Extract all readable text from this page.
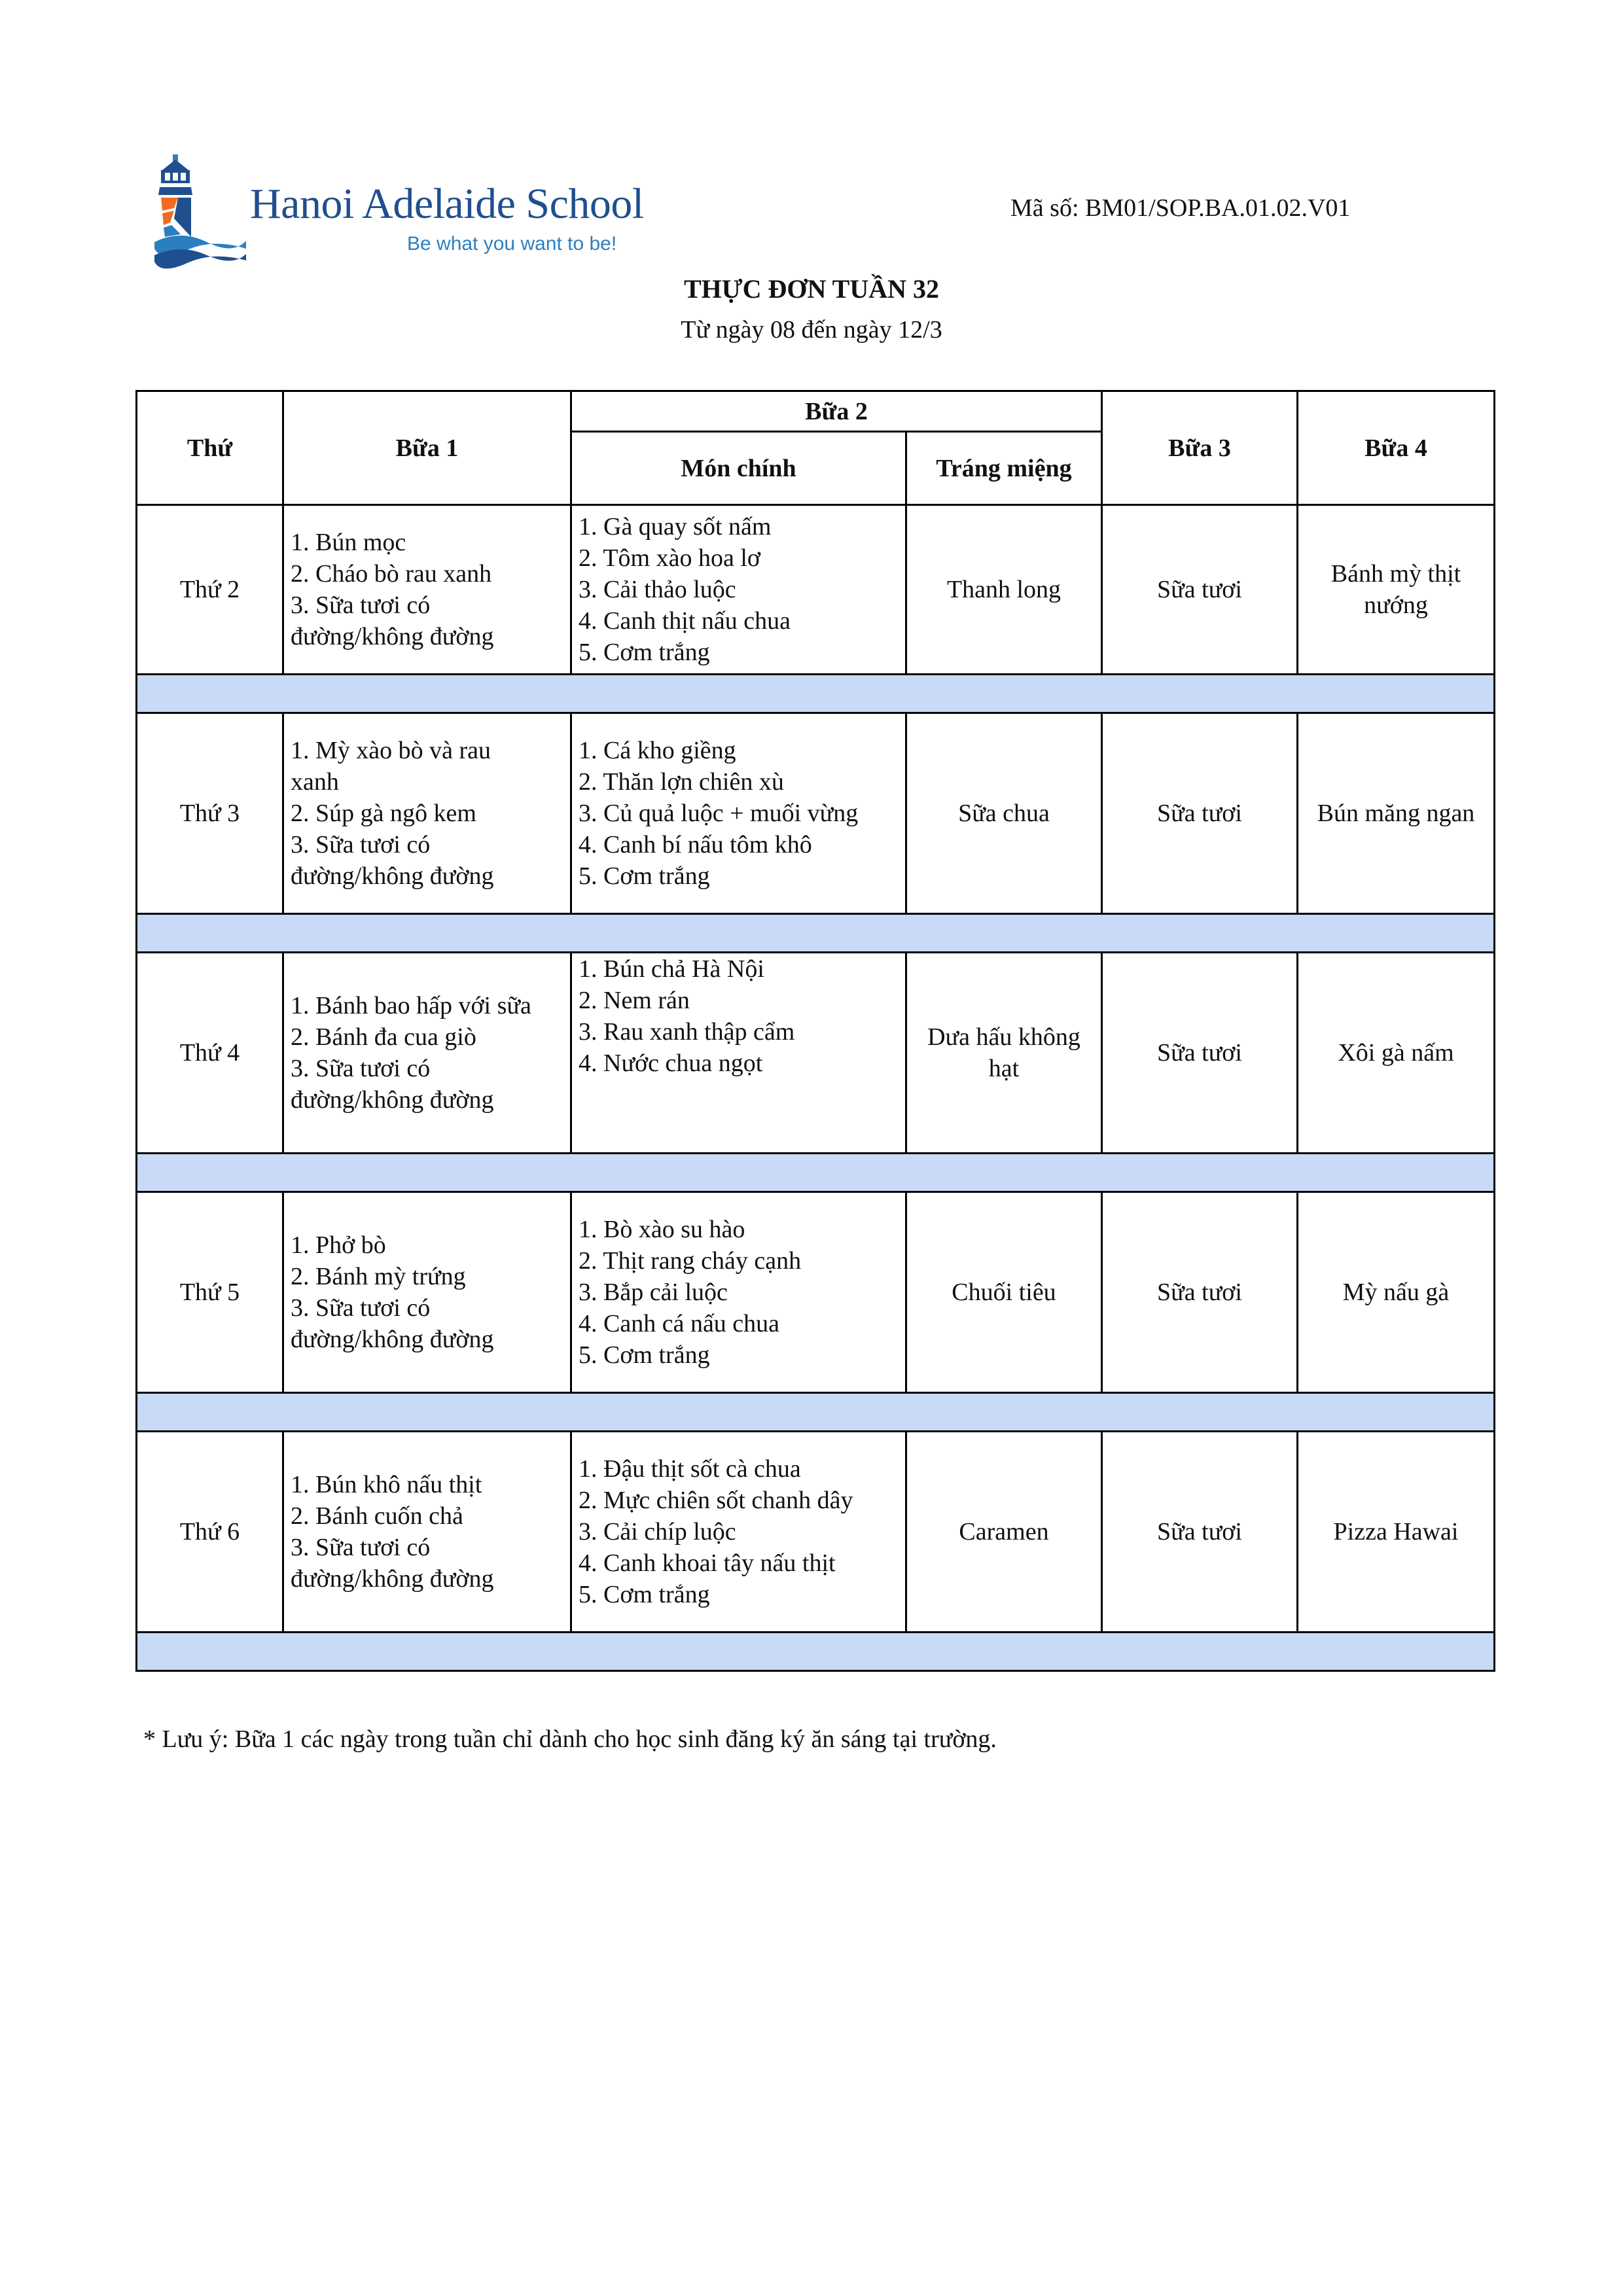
Hanoi Adelaide School
Be what you want to be!
Mã số: BM01/SOP.BA.01.02.V01
THỰC ĐƠN TUẦN 32
Từ ngày 08 đến ngày 12/3
Thứ	Bữa 1	Bữa 2		Bữa 3	Bữa 4
		Món chính	Tráng miệng		
Thứ 2	1. Bún mọc
2. Cháo bò rau xanh
3. Sữa tươi có
đường/không đường	1. Gà quay sốt nấm
2. Tôm xào hoa lơ
3. Cải thảo luộc
4. Canh thịt nấu chua
5. Cơm trắng	Thanh long	Sữa tươi	Bánh mỳ thịt
nướng

Thứ 3	1. Mỳ xào bò và rau
xanh
2. Súp gà ngô kem
3. Sữa tươi có
đường/không đường	1. Cá kho giềng
2. Thăn lợn chiên xù
3. Củ quả luộc + muối vừng
4. Canh bí nấu tôm khô
5. Cơm trắng	Sữa chua	Sữa tươi	Bún măng ngan

Thứ 4	1. Bánh bao hấp với sữa
2. Bánh đa cua giò
3. Sữa tươi có
đường/không đường	1. Bún chả Hà Nội
2. Nem rán
3. Rau xanh thập cẩm
4. Nước chua ngọt	Dưa hấu không
hạt	Sữa tươi	Xôi gà nấm

Thứ 5	1. Phở bò
2. Bánh mỳ trứng
3. Sữa tươi có
đường/không đường	1. Bò xào su hào
2. Thịt rang cháy cạnh
3. Bắp cải luộc
4. Canh cá nấu chua
5. Cơm trắng	Chuối tiêu	Sữa tươi	Mỳ nấu gà

Thứ 6	1. Bún khô nấu thịt
2. Bánh cuốn chả
3. Sữa tươi có
đường/không đường	1. Đậu thịt sốt cà chua
2. Mực chiên sốt chanh dây
3. Cải chíp luộc
4. Canh khoai tây nấu thịt
5. Cơm trắng	Caramen	Sữa tươi	Pizza Hawai

* Lưu ý: Bữa 1 các ngày trong tuần chỉ dành cho học sinh đăng ký ăn sáng tại trường.
